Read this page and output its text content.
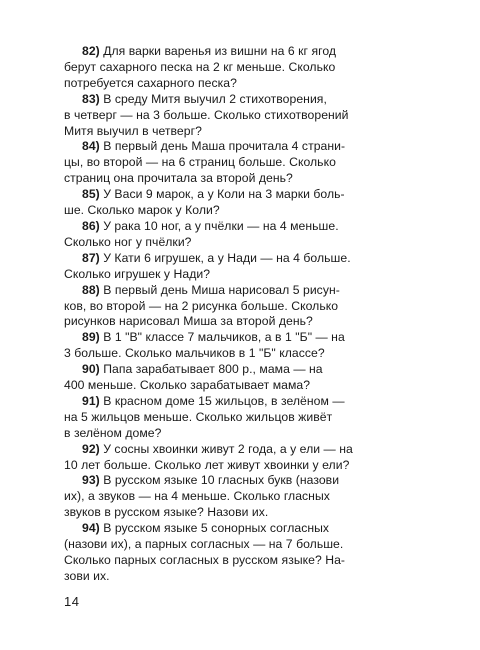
82) Для варки варенья из вишни на 6 кг ягод
берут сахарного песка на 2 кг меньше. Сколько
потребуется сахарного песка?

83) В среду Митя выучил 2 стихотворения,
в четверг — на 3 больше. Сколько стихотворений
Митя выучил в четверг?

84) В первый день Маша прочитала 4 страни-
цы, во второй — на 6 страниц больше. Сколько
страниц она прочитала за второй день?

85) У Васи 9 марок, а у Коли на 3 марки боль-
ше. Сколько марок у Коли?

86) У рака 10 ног, а у пчёлки — на 4 меньше.
Сколько ног у пчёлки?

87) У Кати 6 игрушек, а у Нади — на 4 больше.
Сколько игрушек у Нади?

88) В первый день Миша нарисовал 5 рисун-
ков, во второй — на 2 рисунка больше. Сколько
рисунков нарисовал Миша за второй день?

89) В 1 "В" классе 7 мальчиков, а в 1 "Б" — на
3 больше. Сколько мальчиков в 1 "Б" классе?

90) Папа зарабатывает 800 р., мама — на
400 меньше. Сколько зарабатывает мама?

91) В красном доме 15 жильцов, в зелёном —
на 5 жильцов меньше. Сколько жильцов живёт
в зелёном доме?

92) У сосны хвоинки живут 2 года, а у ели — на
10 лет больше. Сколько лет живут хвоинки у ели?

93) В русском языке 10 гласных букв (назови
их), а звуков — на 4 меньше. Сколько гласных
звуков в русском языке? Назови их.

94) В русском языке 5 сонорных согласных
(назови их), а парных согласных — на 7 больше.
Сколько парных согласных в русском языке? На-
зови их.

14
